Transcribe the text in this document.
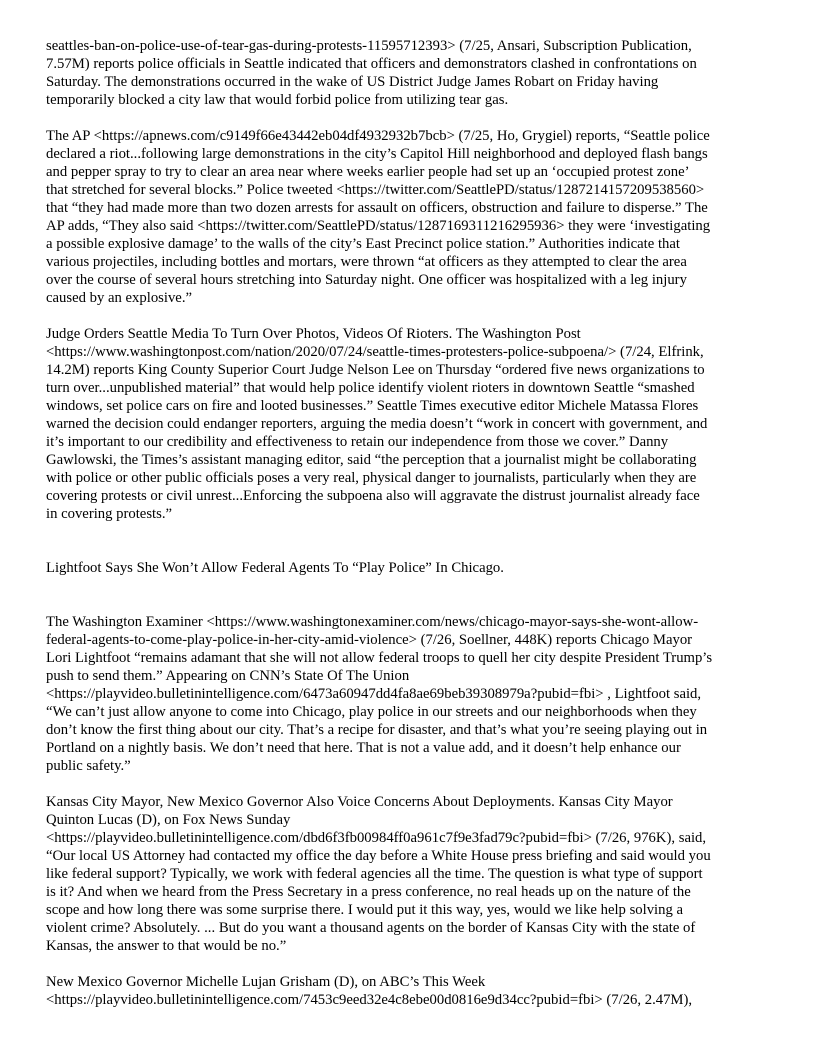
seattles-ban-on-police-use-of-tear-gas-during-protests-11595712393> (7/25, Ansari, Subscription Publication,
7.57M) reports police officials in Seattle indicated that officers and demonstrators clashed in confrontations on
Saturday. The demonstrations occurred in the wake of US District Judge James Robart on Friday having
temporarily blocked a city law that would forbid police from utilizing tear gas.

The AP <https://apnews.com/c9149f66e43442eb04df4932932b7bcb> (7/25, Ho, Grygiel) reports, “Seattle police
declared a riot...following large demonstrations in the city’s Capitol Hill neighborhood and deployed flash bangs
and pepper spray to try to clear an area near where weeks earlier people had set up an ‘occupied protest zone’
that stretched for several blocks.” Police tweeted <https://twitter.com/SeattlePD/status/1287214157209538560>
that “they had made more than two dozen arrests for assault on officers, obstruction and failure to disperse.” The
AP adds, “They also said <https://twitter.com/SeattlePD/status/1287169311216295936> they were ‘investigating
a possible explosive damage’ to the walls of the city’s East Precinct police station.” Authorities indicate that
various projectiles, including bottles and mortars, were thrown “at officers as they attempted to clear the area
over the course of several hours stretching into Saturday night. One officer was hospitalized with a leg injury
caused by an explosive.”

Judge Orders Seattle Media To Turn Over Photos, Videos Of Rioters. The Washington Post
<https://www.washingtonpost.com/nation/2020/07/24/seattle-times-protesters-police-subpoena/> (7/24, Elfrink,
14.2M) reports King County Superior Court Judge Nelson Lee on Thursday “ordered five news organizations to
turn over...unpublished material” that would help police identify violent rioters in downtown Seattle “smashed
windows, set police cars on fire and looted businesses.” Seattle Times executive editor Michele Matassa Flores
warned the decision could endanger reporters, arguing the media doesn’t “work in concert with government, and
it’s important to our credibility and effectiveness to retain our independence from those we cover.” Danny
Gawlowski, the Times’s assistant managing editor, said “the perception that a journalist might be collaborating
with police or other public officials poses a very real, physical danger to journalists, particularly when they are
covering protests or civil unrest...Enforcing the subpoena also will aggravate the distrust journalist already face
in covering protests.”

Lightfoot Says She Won’t Allow Federal Agents To “Play Police” In Chicago.

The Washington Examiner <https://www.washingtonexaminer.com/news/chicago-mayor-says-she-wont-allow-
federal-agents-to-come-play-police-in-her-city-amid-violence> (7/26, Soellner, 448K) reports Chicago Mayor
Lori Lightfoot “remains adamant that she will not allow federal troops to quell her city despite President Trump’s
push to send them.” Appearing on CNN’s State Of The Union
<https://playvideo.bulletinintelligence.com/6473a60947dd4fa8ae69beb39308979a?pubid=fbi> , Lightfoot said,
“We can’t just allow anyone to come into Chicago, play police in our streets and our neighborhoods when they
don’t know the first thing about our city. That’s a recipe for disaster, and that’s what you’re seeing playing out in
Portland on a nightly basis. We don’t need that here. That is not a value add, and it doesn’t help enhance our
public safety.”

Kansas City Mayor, New Mexico Governor Also Voice Concerns About Deployments. Kansas City Mayor
Quinton Lucas (D), on Fox News Sunday
<https://playvideo.bulletinintelligence.com/dbd6f3fb00984ff0a961c7f9e3fad79c?pubid=fbi> (7/26, 976K), said,
“Our local US Attorney had contacted my office the day before a White House press briefing and said would you
like federal support? Typically, we work with federal agencies all the time. The question is what type of support
is it? And when we heard from the Press Secretary in a press conference, no real heads up on the nature of the
scope and how long there was some surprise there. I would put it this way, yes, would we like help solving a
violent crime? Absolutely. ... But do you want a thousand agents on the border of Kansas City with the state of
Kansas, the answer to that would be no.”

New Mexico Governor Michelle Lujan Grisham (D), on ABC’s This Week
<https://playvideo.bulletinintelligence.com/7453c9eed32e4c8ebe00d0816e9d34cc?pubid=fbi> (7/26, 2.47M),
